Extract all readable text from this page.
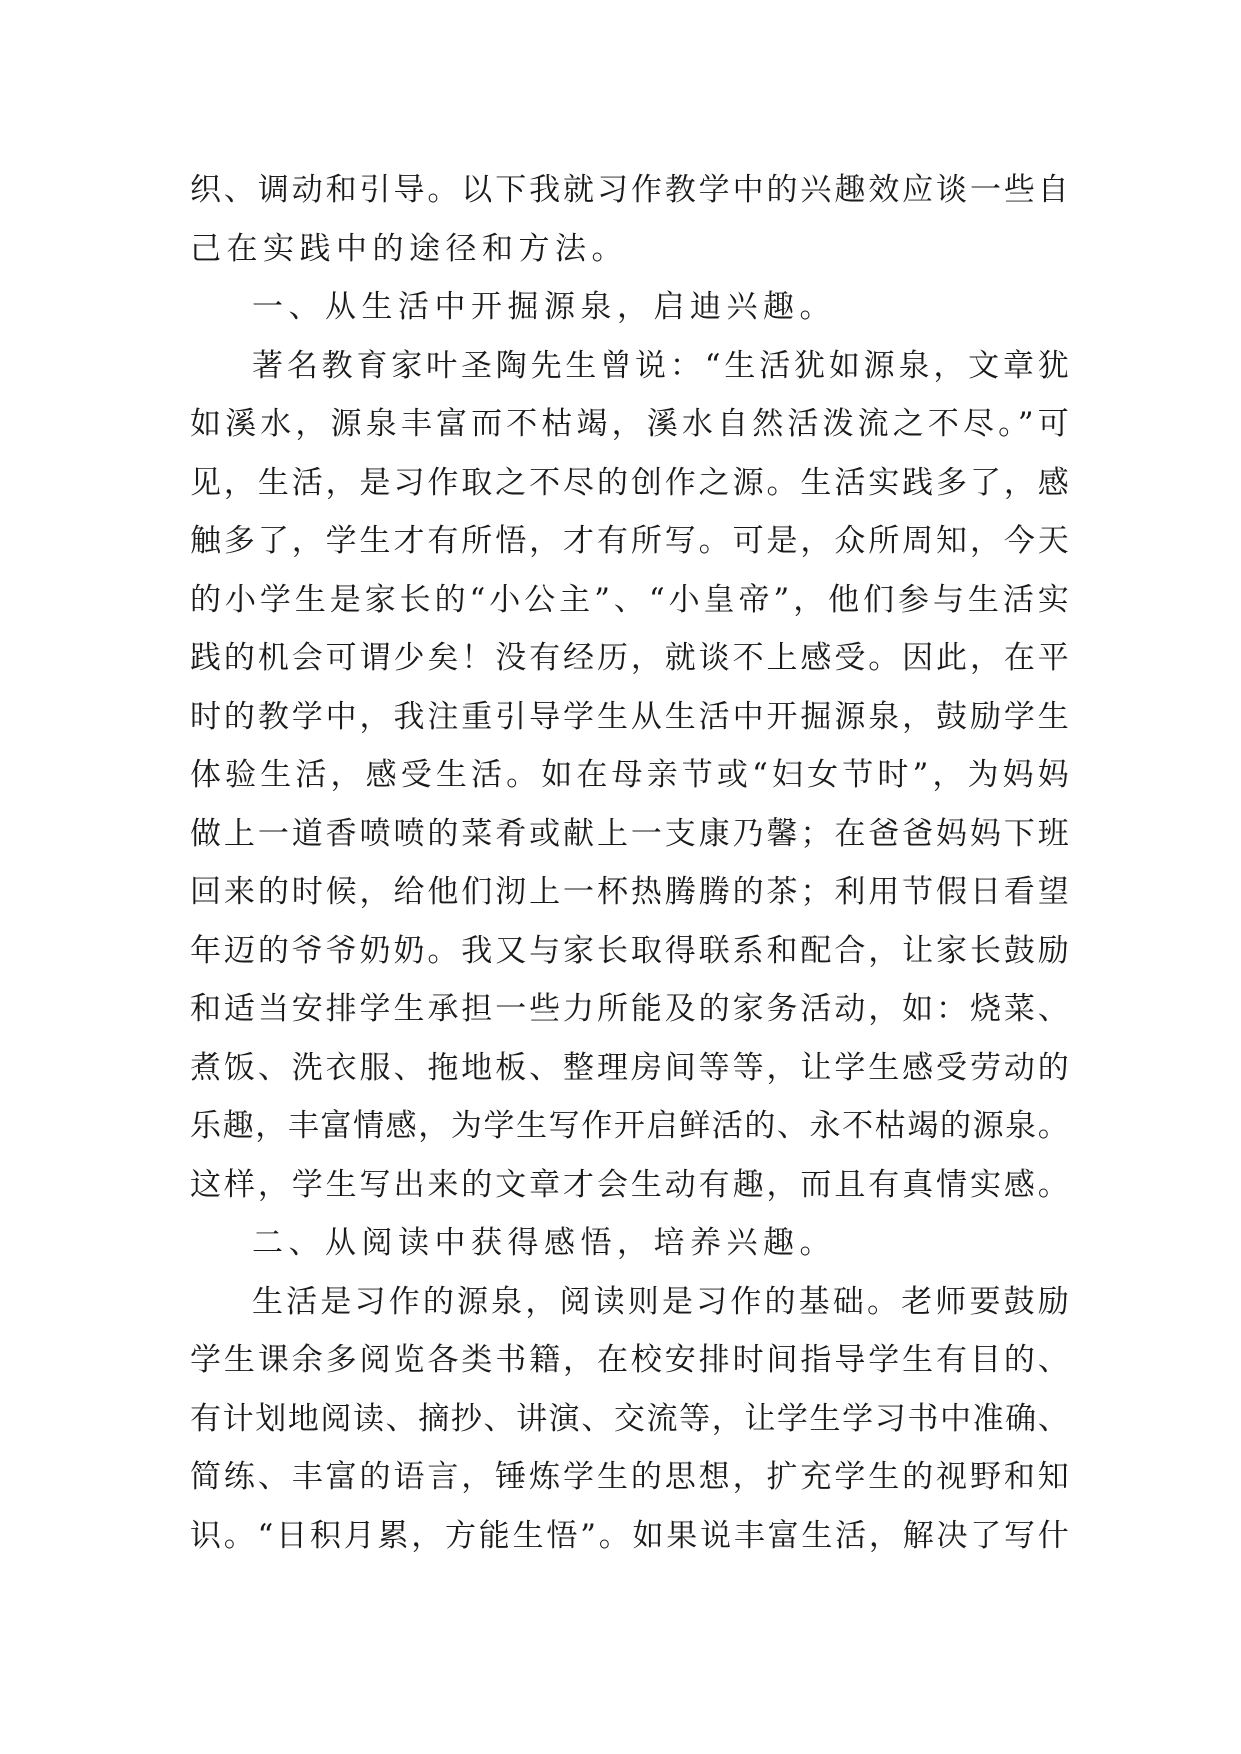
织、调动和引导。以下我就习作教学中的兴趣效应谈一些自
己在实践中的途径和方法。
一、从生活中开掘源泉，启迪兴趣。
著名教育家叶圣陶先生曾说：“生活犹如源泉，文章犹
如溪水，源泉丰富而不枯竭，溪水自然活泼流之不尽。”可
见，生活，是习作取之不尽的创作之源。生活实践多了，感
触多了，学生才有所悟，才有所写。可是，众所周知，今天
的小学生是家长的“小公主”、“小皇帝”，他们参与生活实
践的机会可谓少矣！没有经历，就谈不上感受。因此，在平
时的教学中，我注重引导学生从生活中开掘源泉，鼓励学生
体验生活，感受生活。如在母亲节或“妇女节时”，为妈妈
做上一道香喷喷的菜肴或献上一支康乃馨；在爸爸妈妈下班
回来的时候，给他们沏上一杯热腾腾的茶；利用节假日看望
年迈的爷爷奶奶。我又与家长取得联系和配合，让家长鼓励
和适当安排学生承担一些力所能及的家务活动，如：烧菜、
煮饭、洗衣服、拖地板、整理房间等等，让学生感受劳动的
乐趣，丰富情感，为学生写作开启鲜活的、永不枯竭的源泉。
这样，学生写出来的文章才会生动有趣，而且有真情实感。
二、从阅读中获得感悟，培养兴趣。
生活是习作的源泉，阅读则是习作的基础。老师要鼓励
学生课余多阅览各类书籍，在校安排时间指导学生有目的、
有计划地阅读、摘抄、讲演、交流等，让学生学习书中准确、
简练、丰富的语言，锤炼学生的思想，扩充学生的视野和知
识。“日积月累，方能生悟”。如果说丰富生活，解决了写什
